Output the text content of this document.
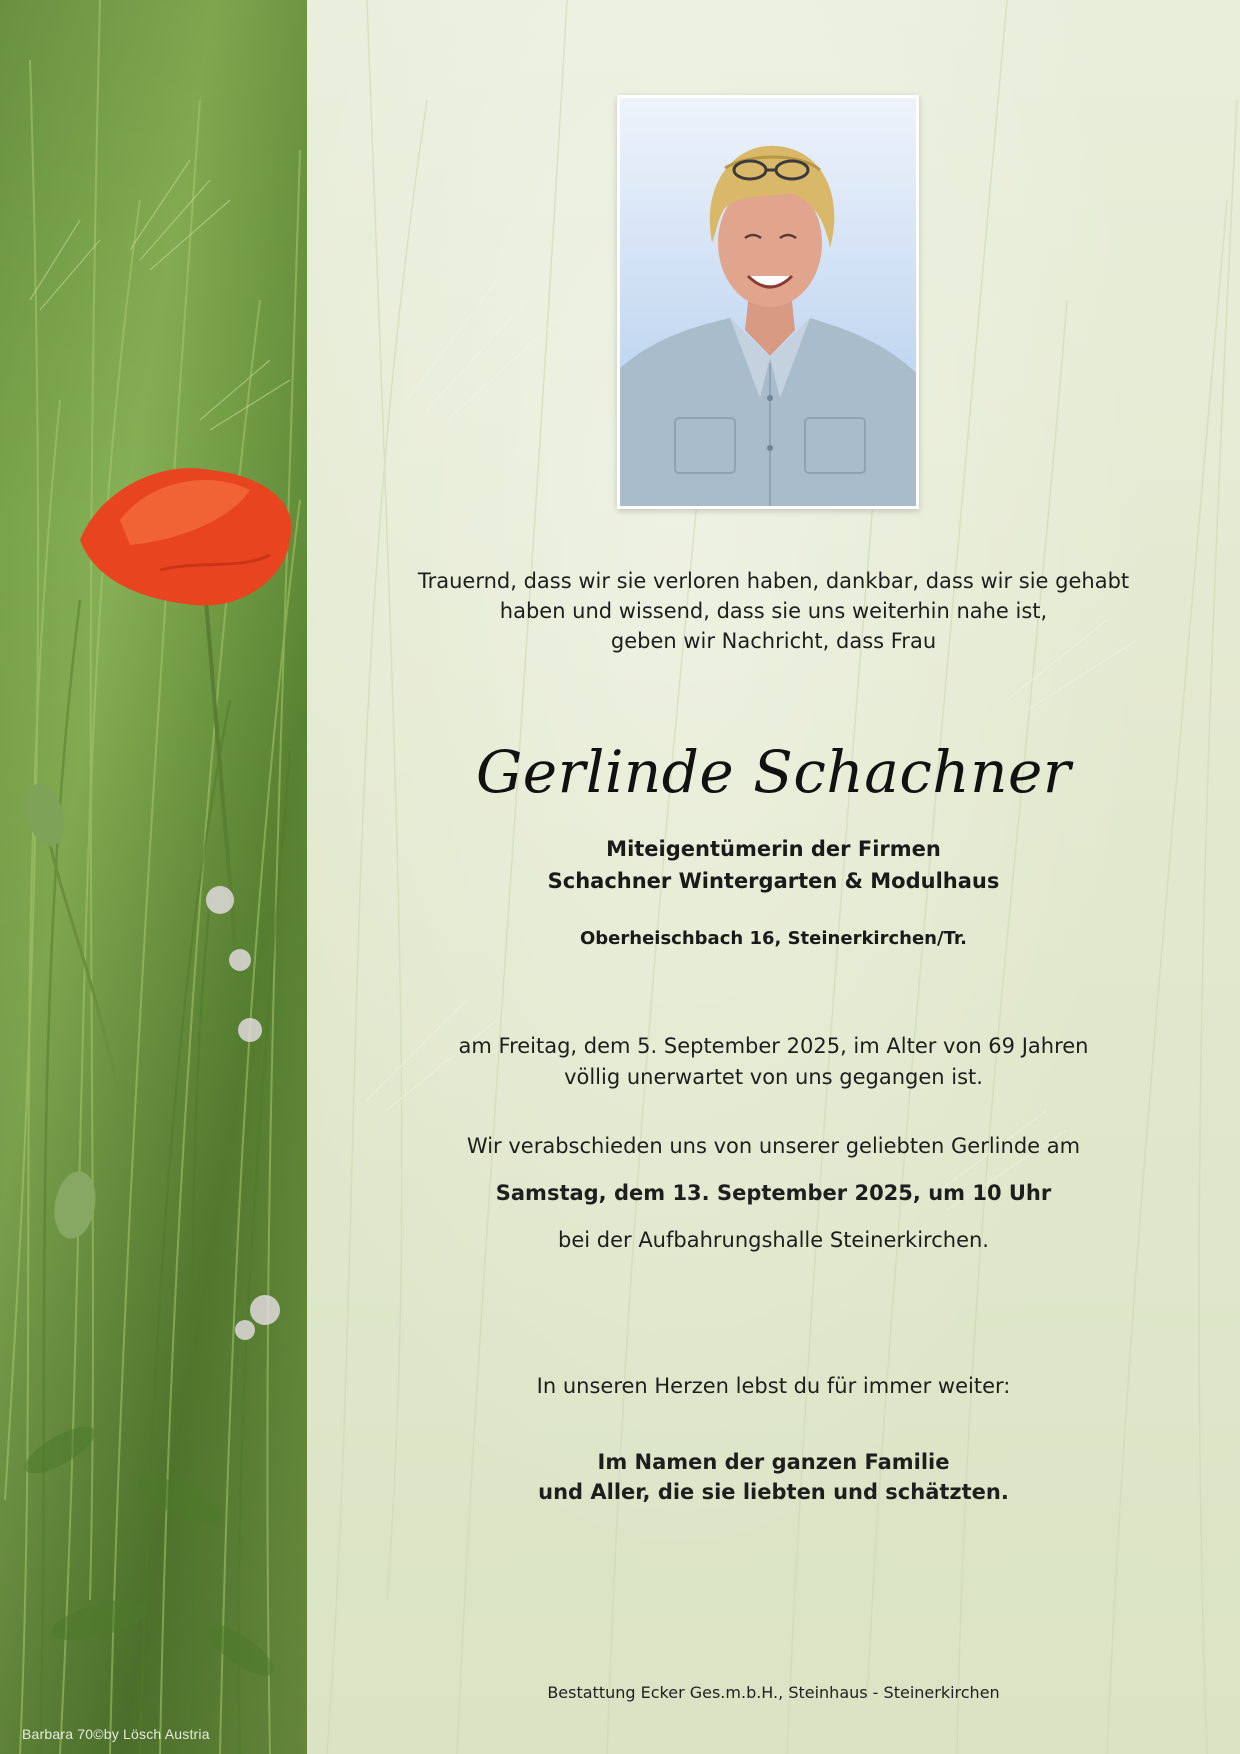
Barbara 70©by Lösch Austria
Trauernd, dass wir sie verloren haben, dankbar, dass wir sie gehabt
haben und wissend, dass sie uns weiterhin nahe ist,
geben wir Nachricht, dass Frau
Gerlinde Schachner
Miteigentümerin der Firmen
Schachner Wintergarten & Modulhaus
Oberheischbach 16, Steinerkirchen/Tr.
am Freitag, dem 5. September 2025, im Alter von 69 Jahren
völlig unerwartet von uns gegangen ist.
Wir verabschieden uns von unserer geliebten Gerlinde am
Samstag, dem 13. September 2025, um 10 Uhr
bei der Aufbahrungshalle Steinerkirchen.
In unseren Herzen lebst du für immer weiter:
Im Namen der ganzen Familie
und Aller, die sie liebten und schätzten.
Bestattung Ecker Ges.m.b.H., Steinhaus - Steinerkirchen
